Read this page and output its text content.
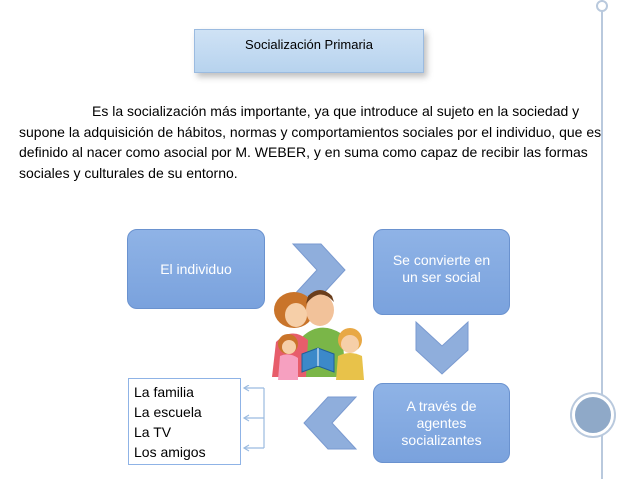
Socialización Primaria

Es la socialización más importante, ya que introduce al sujeto en la sociedad y supone la adquisición de hábitos, normas y comportamientos sociales por el individuo, que es definido al nacer como asocial por M. WEBER, y en suma como capaz de recibir las formas sociales y culturales de su entorno.

El individuo
Se convierte en
un ser social
A través de
agentes
socializantes
La familia
La escuela
La TV
Los amigos
